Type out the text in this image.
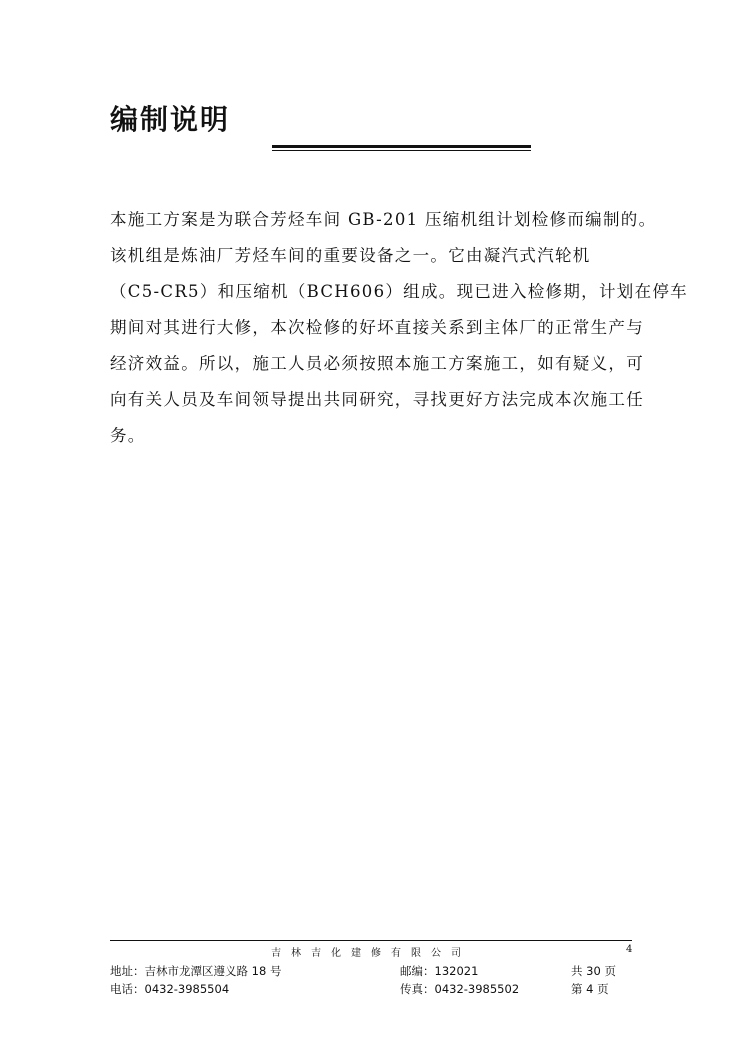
编制说明
本施工方案是为联合芳烃车间 GB-201 压缩机组计划检修而编制的。
该机组是炼油厂芳烃车间的重要设备之一。它由凝汽式汽轮机
（C5-CR5）和压缩机（BCH606）组成。现已进入检修期，计划在停车
期间对其进行大修，本次检修的好坏直接关系到主体厂的正常生产与
经济效益。所以，施工人员必须按照本施工方案施工，如有疑义，可
向有关人员及车间领导提出共同研究，寻找更好方法完成本次施工任
务。
吉林吉化建修有限公司	4
地址：吉林市龙潭区遵义路 18 号	邮编：132021	共 30 页
电话：0432-3985504	传真：0432-3985502	第 4 页
